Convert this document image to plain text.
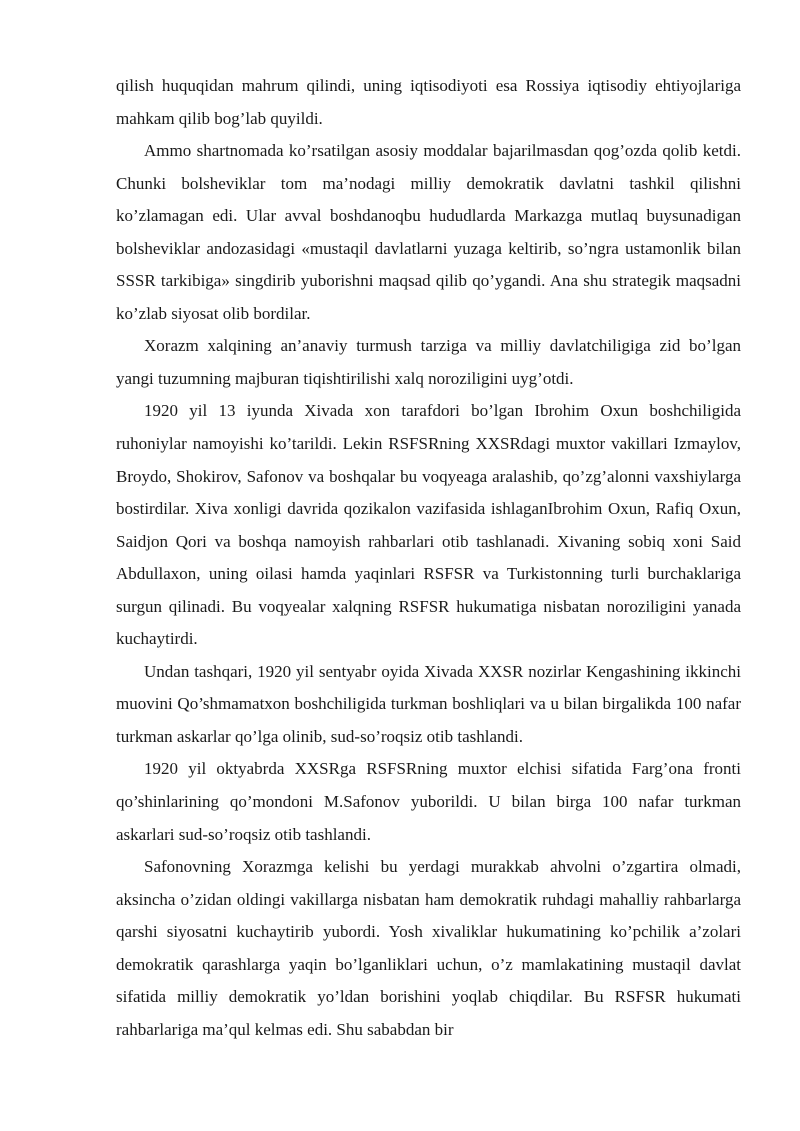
qilish huquqidan mahrum qilindi, uning iqtisodiyoti esa Rossiya iqtisodiy ehtiyojlariga mahkam qilib bog’lab quyildi.

Ammo shartnomada ko’rsatilgan asosiy moddalar bajarilmasdan qog’ozda qolib ketdi. Chunki bolsheviklar tom ma’nodagi milliy demokratik davlatni tashkil qilishni ko’zlamagan edi. Ular avval boshdanoqbu hududlarda Markazga mutlaq buysunadigan bolsheviklar andozasidagi «mustaqil davlatlarni yuzaga keltirib, so’ngra ustamonlik bilan SSSR tarkibiga» singdirib yuborishni maqsad qilib qo’ygandi. Ana shu strategik maqsadni ko’zlab siyosat olib bordilar.

Xorazm xalqining an’anaviy turmush tarziga va milliy davlatchiligiga zid bo’lgan yangi tuzumning majburan tiqishtirilishi xalq noroziligini uyg’otdi.

1920 yil 13 iyunda Xivada xon tarafdori bo’lgan Ibrohim Oxun boshchiligida ruhoniylar namoyishi ko’tarildi. Lekin RSFSRning XXSRdagi muxtor vakillari Izmaylov, Broydo, Shokirov, Safonov va boshqalar bu voqyeaga aralashib, qo’zg’alonni vaxshiylarga bostirdilar. Xiva xonligi davrida qozikalon vazifasida ishlaganIbrohim Oxun, Rafiq Oxun, Saidjon Qori va boshqa namoyish rahbarlari otib tashlanadi. Xivaning sobiq xoni Said Abdullaxon, uning oilasi hamda yaqinlari RSFSR va Turkistonning turli burchaklariga surgun qilinadi. Bu voqyealar xalqning RSFSR hukumatiga nisbatan noroziligini yanada kuchaytirdi.

Undan tashqari, 1920 yil sentyabr oyida Xivada XXSR nozirlar Kengashining ikkinchi muovini Qo’shmamatxon boshchiligida turkman boshliqlari va u bilan birgalikda 100 nafar turkman askarlar qo’lga olinib, sud-so’roqsiz otib tashlandi.

1920 yil oktyabrda XXSRga RSFSRning muxtor elchisi sifatida Farg’ona fronti qo’shinlarining qo’mondoni M.Safonov yuborildi. U bilan birga 100 nafar turkman askarlari sud-so’roqsiz otib tashlandi.

Safonovning Xorazmga kelishi bu yerdagi murakkab ahvolni o’zgartira olmadi, aksincha o’zidan oldingi vakillarga nisbatan ham demokratik ruhdagi mahalliy rahbarlarga qarshi siyosatni kuchaytirib yubordi. Yosh xivaliklar hukumatining ko’pchilik a’zolari demokratik qarashlarga yaqin bo’lganliklari uchun, o’z mamlakatining mustaqil davlat sifatida milliy demokratik yo’ldan borishini yoqlab chiqdilar. Bu RSFSR hukumati rahbarlariga ma’qul kelmas edi. Shu sababdan bir
